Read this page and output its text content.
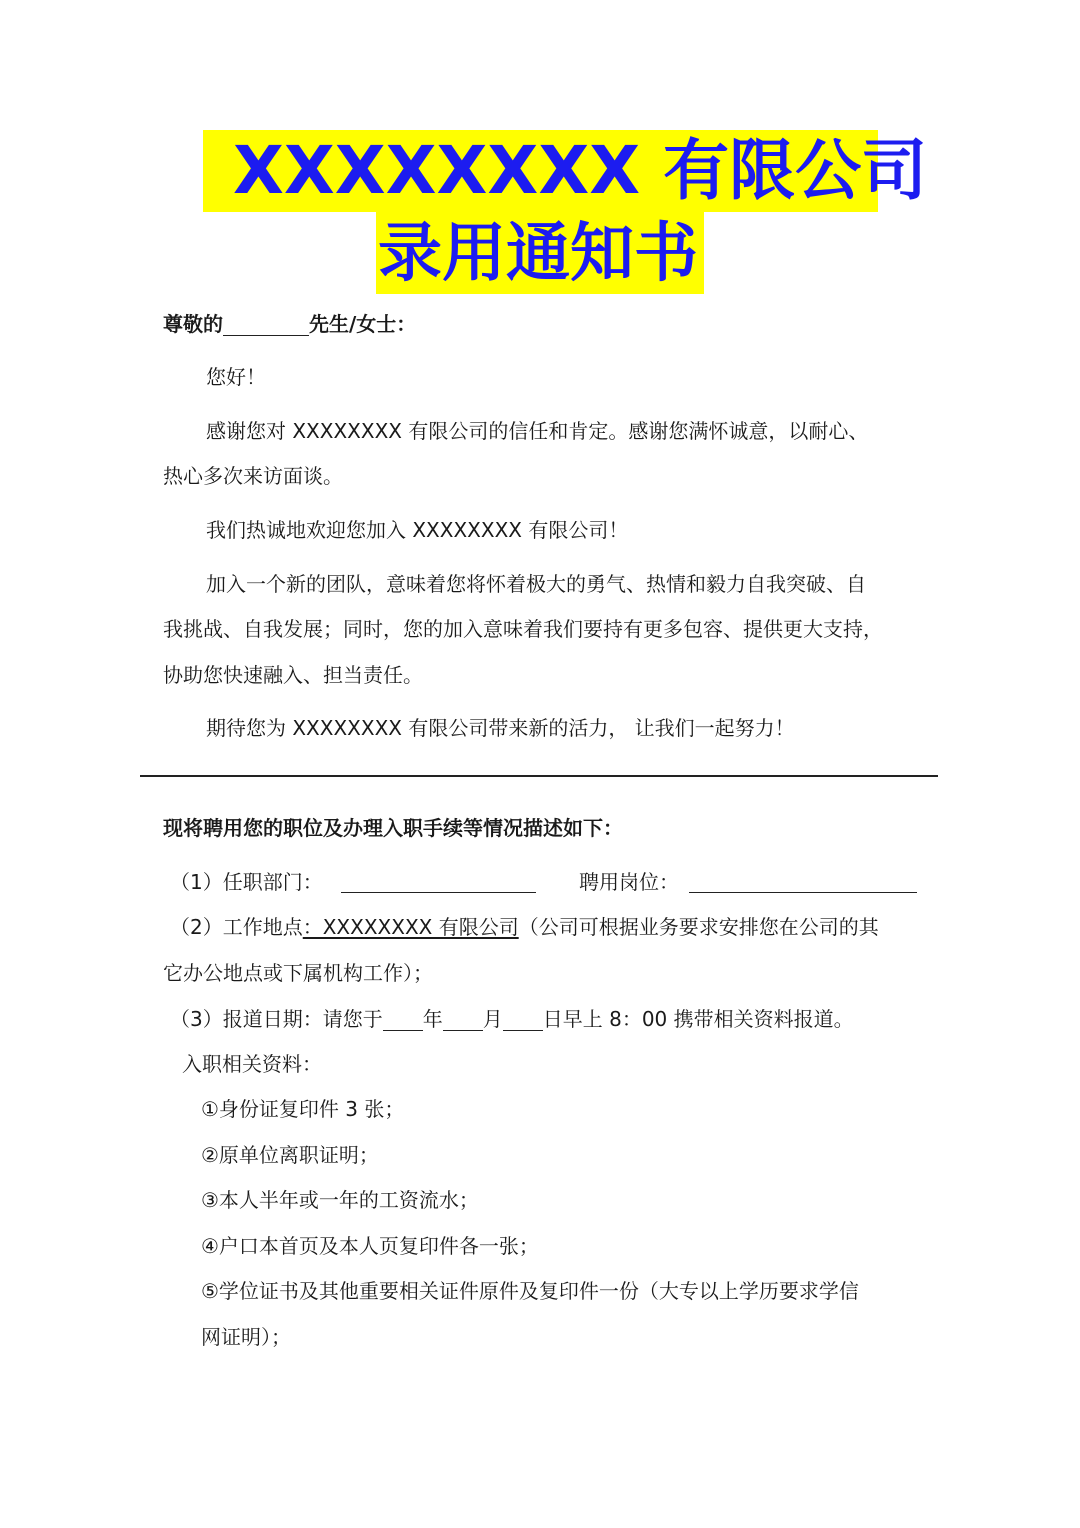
XXXXXXXX 有限公司
录用通知书
尊敬的	先生/女士：
您好！
感谢您对 XXXXXXXX 有限公司的信任和肯定。感谢您满怀诚意，以耐心、
热心多次来访面谈。
我们热诚地欢迎您加入 XXXXXXXX 有限公司！
加入一个新的团队，意味着您将怀着极大的勇气、热情和毅力自我突破、自
我挑战、自我发展；同时，您的加入意味着我们要持有更多包容、提供更大支持，
协助您快速融入、担当责任。
期待您为 XXXXXXXX 有限公司带来新的活力， 让我们一起努力！
现将聘用您的职位及办理入职手续等情况描述如下：
（1）任职部门：	聘用岗位：
（2）工作地点：XXXXXXXX 有限公司（公司可根据业务要求安排您在公司的其
它办公地点或下属机构工作）；
（3）报道日期：请您于 年 月 日早上 8：00 携带相关资料报道。
入职相关资料：
①身份证复印件 3 张；
②原单位离职证明；
③本人半年或一年的工资流水；
④户口本首页及本人页复印件各一张；
⑤学位证书及其他重要相关证件原件及复印件一份（大专以上学历要求学信
网证明）；
